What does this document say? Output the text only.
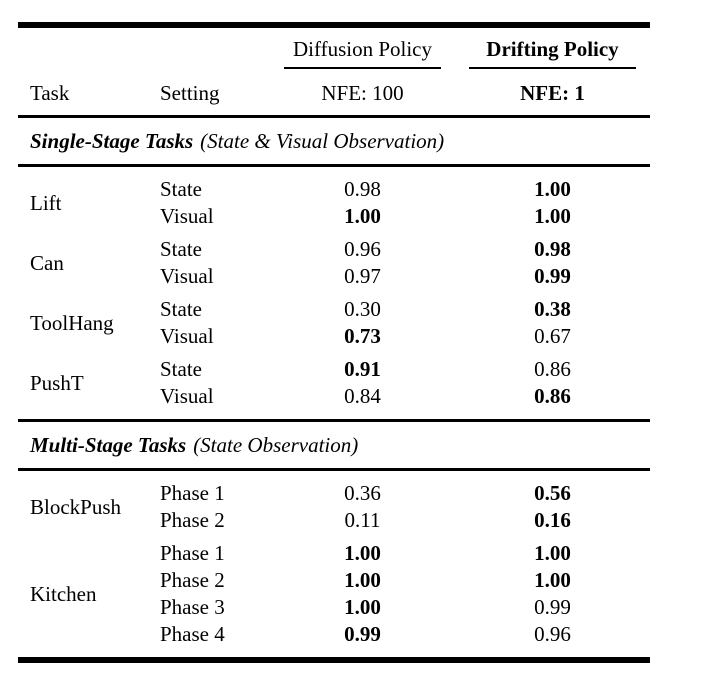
Diffusion Policy	Drifting Policy
Task	Setting	NFE: 100	NFE: 1
Single-Stage Tasks (State & Visual Observation)
Lift
State	0.98	1.00
Visual	1.00	1.00
Can
State	0.96	0.98
Visual	0.97	0.99
ToolHang
State	0.30	0.38
Visual	0.73	0.67
PushT
State	0.91	0.86
Visual	0.84	0.86
Multi-Stage Tasks (State Observation)
BlockPush
Phase 1	0.36	0.56
Phase 2	0.11	0.16
Kitchen
Phase 1	1.00	1.00
Phase 2	1.00	1.00
Phase 3	1.00	0.99
Phase 4	0.99	0.96
